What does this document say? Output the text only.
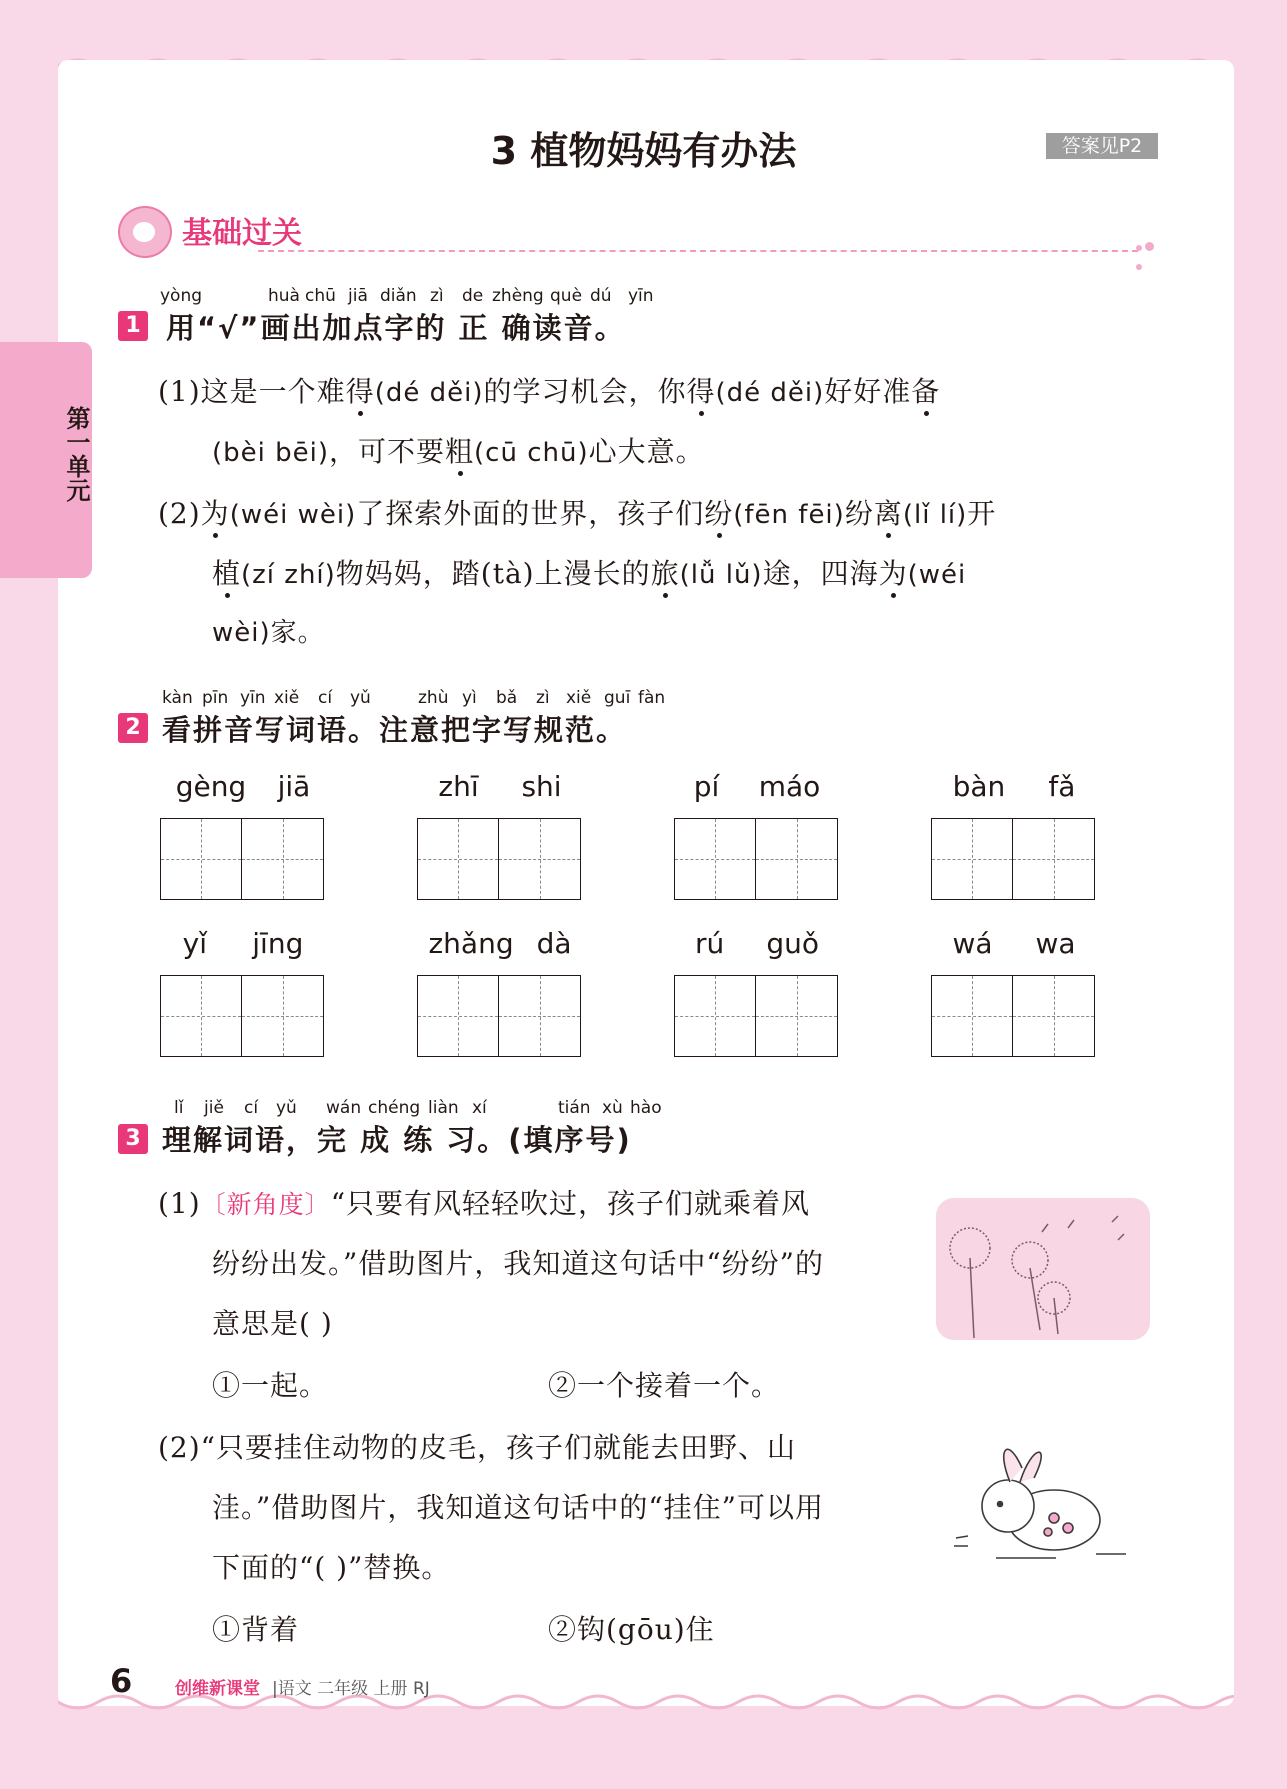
第一单元
3 植物妈妈有办法	答案见P2
基础过关
yòng	huà chū jiā diǎn zì de zhèng què dú yīn
1 用“√”画出加点字的 正 确读音。
(1)这是一个难得(dé děi)的学习机会，你得(dé děi)好好准备
(bèi bēi)，可不要粗(cū chū)心大意。
(2)为(wéi wèi)了探索外面的世界，孩子们纷(fēn fēi)纷离(lǐ lí)开
植(zí zhí)物妈妈，踏(tà)上漫长的旅(lǚ lǔ)途，四海为(wéi
wèi)家。
kàn pīn yīn xiě cí yǔ	zhù yì bǎ zì xiě guī fàn
2 看拼音写词语。注意把字写规范。
gèng jiā	zhī shi	pí máo	bàn fǎ
yǐ jīng	zhǎng dà	rú guǒ	wá wa
lǐ jiě cí yǔ wán chéng liàn xí	tián xù hào
3 理解词语，完 成 练 习。(填序号)
(1)〔新角度〕“只要有风轻轻吹过，孩子们就乘着风
纷纷出发。”借助图片，我知道这句话中“纷纷”的
意思是( )
①一起。	②一个接着一个。
(2)“只要挂住动物的皮毛，孩子们就能去田野、山
洼。”借助图片，我知道这句话中的“挂住”可以用
下面的“( )”替换。
①背着	②钩(gōu)住
6	创维新课堂 |语文 二年级 上册 RJ
